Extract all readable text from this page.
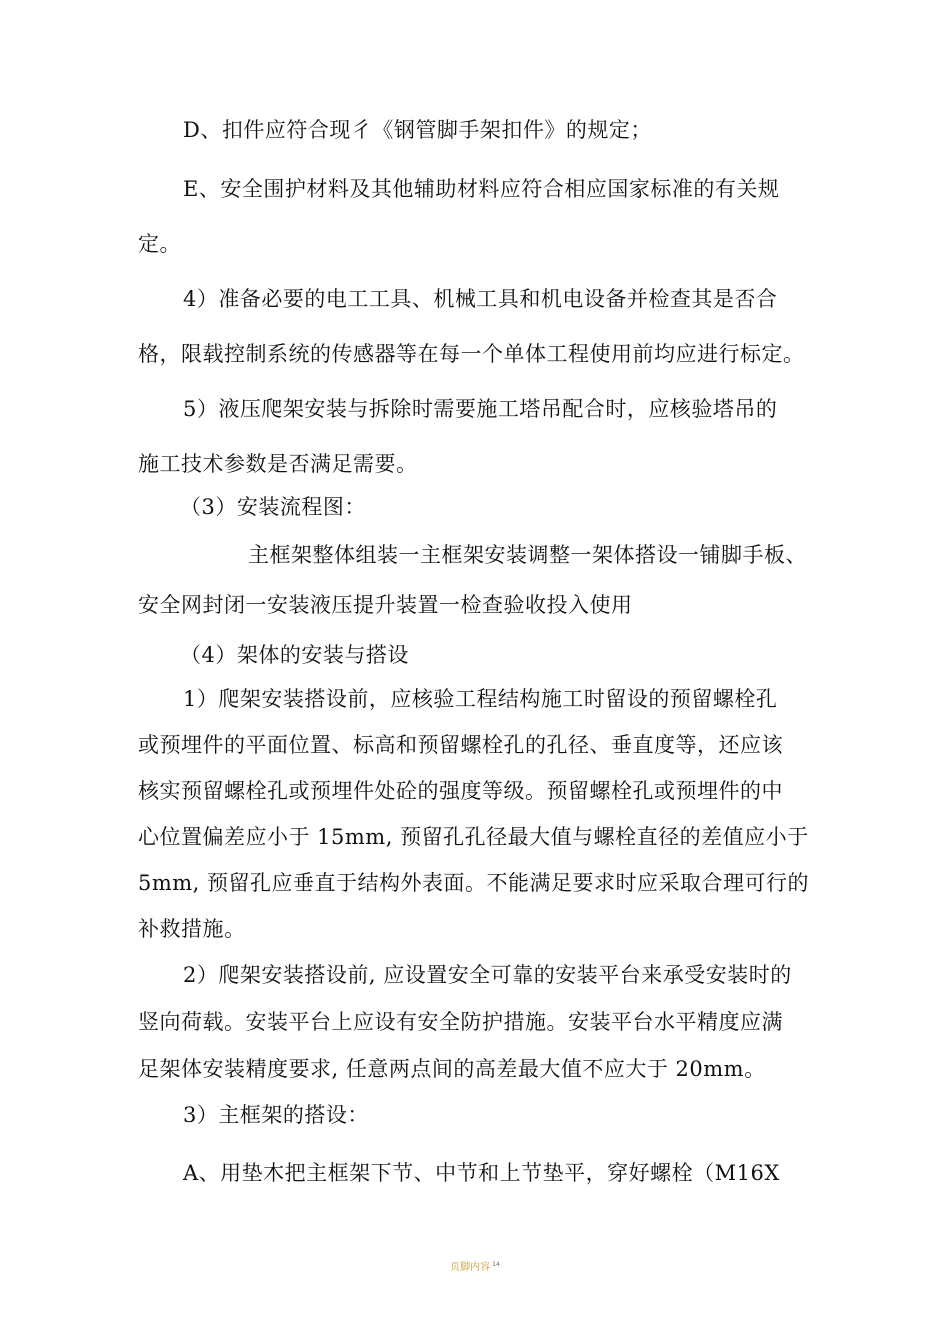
D、扣件应符合现彳《钢管脚手架扣件》的规定；

E、安全围护材料及其他辅助材料应符合相应国家标准的有关规
定。

4）准备必要的电工工具、机械工具和机电设备并检查其是否合
格，限载控制系统的传感器等在每一个单体工程使用前均应进行标定。

5）液压爬架安装与拆除时需要施工塔吊配合时，应核验塔吊的
施工技术参数是否满足需要。

（3）安装流程图：

主框架整体组装一主框架安装调整一架体搭设一铺脚手板、
安全网封闭一安装液压提升装置一检查验收投入使用

（4）架体的安装与搭设

1）爬架安装搭设前，应核验工程结构施工时留设的预留螺栓孔
或预埋件的平面位置、标高和预留螺栓孔的孔径、垂直度等，还应该
核实预留螺栓孔或预埋件处砼的强度等级。预留螺栓孔或预埋件的中
心位置偏差应小于 15mm, 预留孔孔径最大值与螺栓直径的差值应小于
5mm, 预留孔应垂直于结构外表面。不能满足要求时应采取合理可行的
补救措施。

2）爬架安装搭设前, 应设置安全可靠的安装平台来承受安装时的
竖向荷载。安装平台上应设有安全防护措施。安装平台水平精度应满
足架体安装精度要求, 任意两点间的高差最大值不应大于 20mm。

3）主框架的搭设：

A、用垫木把主框架下节、中节和上节垫平，穿好螺栓（M16X

页脚内容 $^{14}$
